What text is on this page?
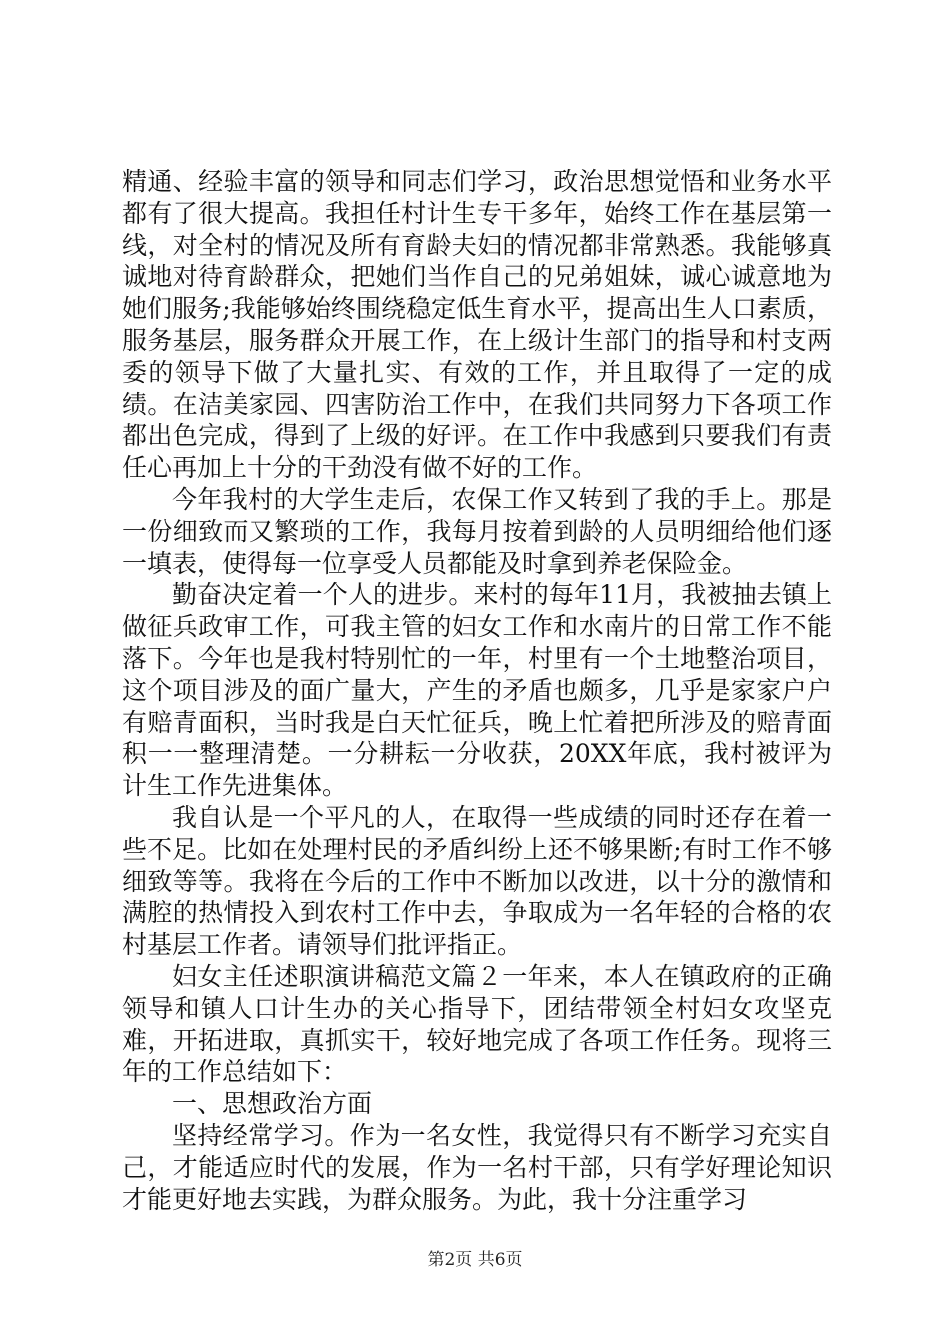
精通、经验丰富的领导和同志们学习，政治思想觉悟和业务水平都有了很大提高。我担任村计生专干多年，始终工作在基层第一线，对全村的情况及所有育龄夫妇的情况都非常熟悉。我能够真诚地对待育龄群众，把她们当作自己的兄弟姐妹，诚心诚意地为她们服务;我能够始终围绕稳定低生育水平，提高出生人口素质，服务基层，服务群众开展工作，在上级计生部门的指导和村支两委的领导下做了大量扎实、有效的工作，并且取得了一定的成绩。在洁美家园、四害防治工作中，在我们共同努力下各项工作都出色完成，得到了上级的好评。在工作中我感到只要我们有责任心再加上十分的干劲没有做不好的工作。

今年我村的大学生走后，农保工作又转到了我的手上。那是一份细致而又繁琐的工作，我每月按着到龄的人员明细给他们逐一填表，使得每一位享受人员都能及时拿到养老保险金。

勤奋决定着一个人的进步。来村的每年11月，我被抽去镇上做征兵政审工作，可我主管的妇女工作和水南片的日常工作不能落下。今年也是我村特别忙的一年，村里有一个土地整治项目，这个项目涉及的面广量大，产生的矛盾也颇多，几乎是家家户户有赔青面积，当时我是白天忙征兵，晚上忙着把所涉及的赔青面积一一整理清楚。一分耕耘一分收获，20XX年底，我村被评为计生工作先进集体。

我自认是一个平凡的人，在取得一些成绩的同时还存在着一些不足。比如在处理村民的矛盾纠纷上还不够果断;有时工作不够细致等等。我将在今后的工作中不断加以改进，以十分的激情和满腔的热情投入到农村工作中去，争取成为一名年轻的合格的农村基层工作者。请领导们批评指正。

妇女主任述职演讲稿范文篇２一年来，本人在镇政府的正确领导和镇人口计生办的关心指导下，团结带领全村妇女攻坚克难，开拓进取，真抓实干，较好地完成了各项工作任务。现将三年的工作总结如下：

一、思想政治方面

坚持经常学习。作为一名女性，我觉得只有不断学习充实自己，才能适应时代的发展，作为一名村干部，只有学好理论知识才能更好地去实践，为群众服务。为此，我十分注重学习

第2页 共6页
